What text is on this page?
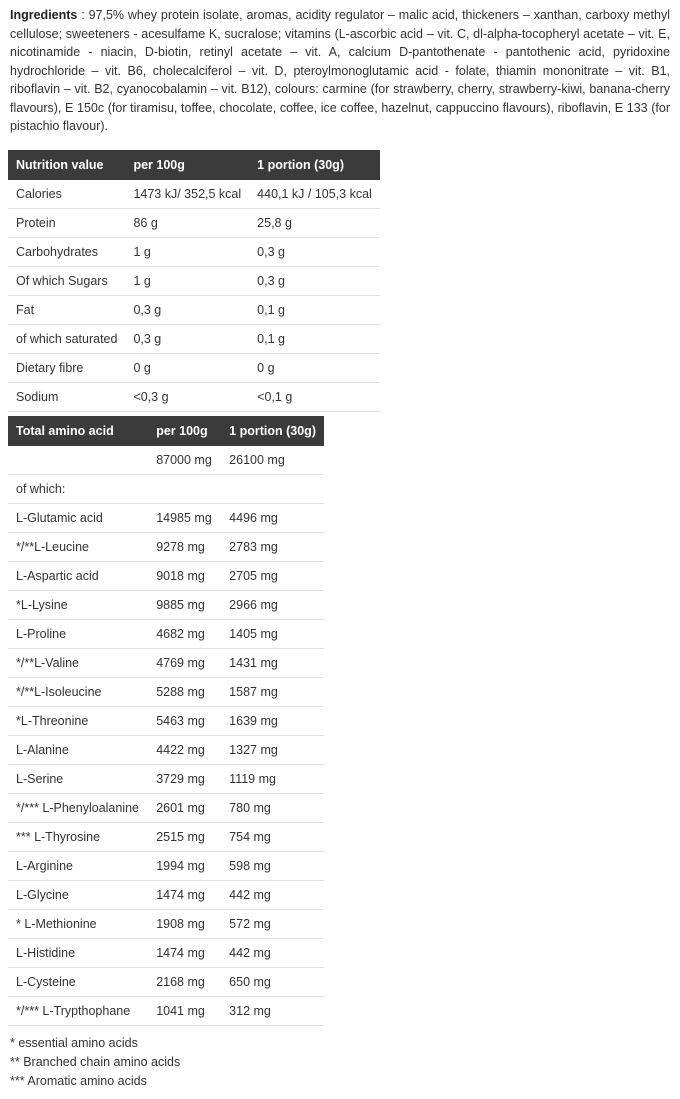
Ingredients : 97,5% whey protein isolate, aromas, acidity regulator – malic acid, thickeners – xanthan, carboxy methyl cellulose; sweeteners - acesulfame K, sucralose; vitamins (L-ascorbic acid – vit. C, dl-alpha-tocopheryl acetate – vit. E, nicotinamide - niacin, D-biotin, retinyl acetate – vit. A, calcium D-pantothenate - pantothenic acid, pyridoxine hydrochloride – vit. B6, cholecalciferol – vit. D, pteroylmonoglutamic acid - folate, thiamin mononitrate – vit. B1, riboflavin – vit. B2, cyanocobalamin – vit. B12), colours: carmine (for strawberry, cherry, strawberry-kiwi, banana-cherry flavours), E 150c (for tiramisu, toffee, chocolate, coffee, ice coffee, hazelnut, cappuccino flavours), riboflavin, E 133 (for pistachio flavour).

Nutrition value	per 100g	1 portion (30g)
Calories	1473 kJ/ 352,5 kcal	440,1 kJ / 105,3 kcal
Protein	86 g	25,8 g
Carbohydrates	1 g	0,3 g
Of which Sugars	1 g	0,3 g
Fat	0,3 g	0,1 g
of which saturated	0,3 g	0,1 g
Dietary fibre	0 g	0 g
Sodium	<0,3 g	<0,1 g
Total amino acid	per 100g	1 portion (30g)
	87000 mg	26100 mg
of which:		
L-Glutamic acid	14985 mg	4496 mg
*/**L-Leucine	9278 mg	2783 mg
L-Aspartic acid	9018 mg	2705 mg
*L-Lysine	9885 mg	2966 mg
L-Proline	4682 mg	1405 mg
*/**L-Valine	4769 mg	1431 mg
*/**L-Isoleucine	5288 mg	1587 mg
*L-Threonine	5463 mg	1639 mg
L-Alanine	4422 mg	1327 mg
L-Serine	3729 mg	1119 mg
*/*** L-Phenyloalanine	2601 mg	780 mg
*** L-Thyrosine	2515 mg	754 mg
L-Arginine	1994 mg	598 mg
L-Glycine	1474 mg	442 mg
* L-Methionine	1908 mg	572 mg
L-Histidine	1474 mg	442 mg
L-Cysteine	2168 mg	650 mg
*/*** L-Trypthophane	1041 mg	312 mg
* essential amino acids
** Branched chain amino acids
*** Aromatic amino acids
